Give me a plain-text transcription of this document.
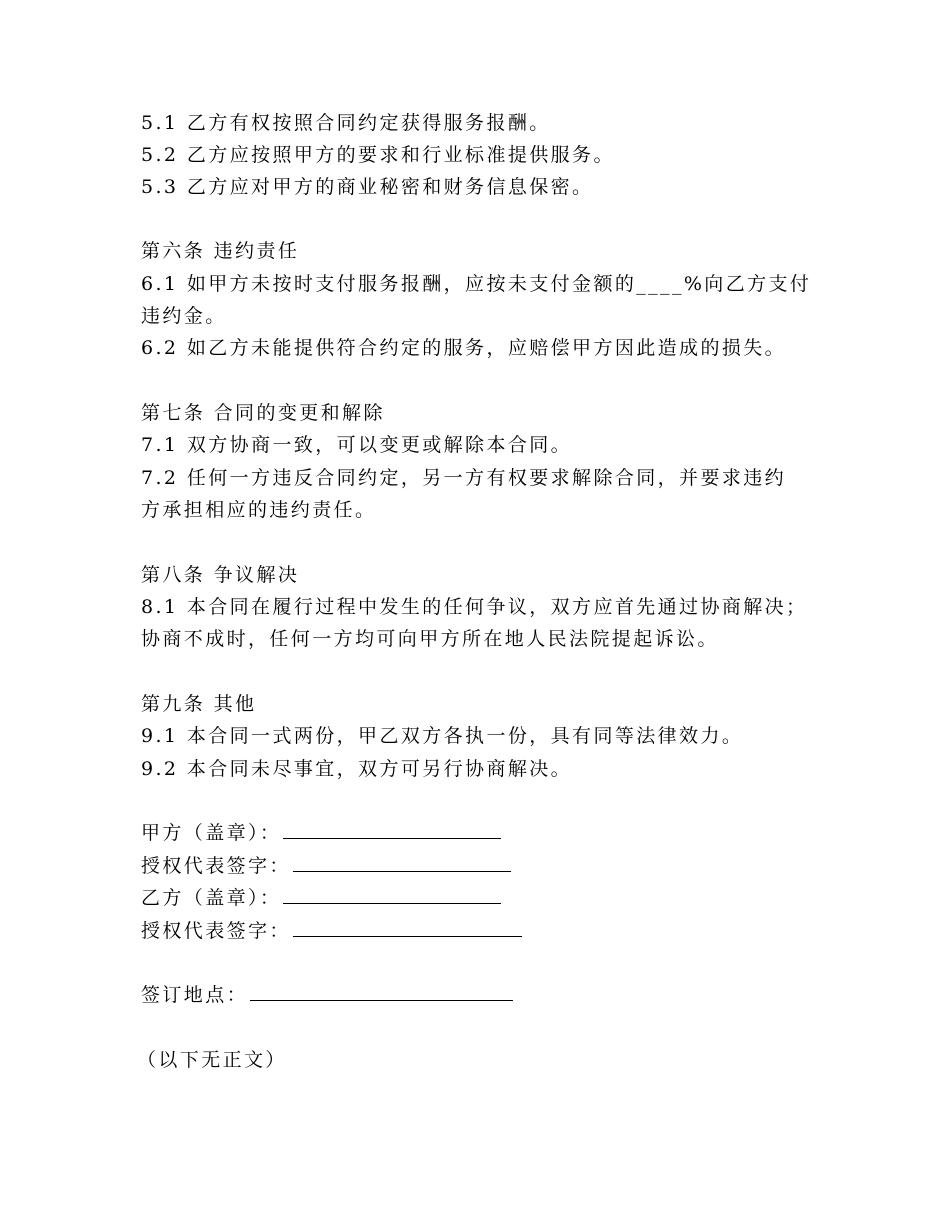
5.1 乙方有权按照合同约定获得服务报酬。
5.2 乙方应按照甲方的要求和行业标准提供服务。
5.3 乙方应对甲方的商业秘密和财务信息保密。
第六条 违约责任
6.1 如甲方未按时支付服务报酬，应按未支付金额的____%向乙方支付
违约金。
6.2 如乙方未能提供符合约定的服务，应赔偿甲方因此造成的损失。
第七条 合同的变更和解除
7.1 双方协商一致，可以变更或解除本合同。
7.2 任何一方违反合同约定，另一方有权要求解除合同，并要求违约
方承担相应的违约责任。
第八条 争议解决
8.1 本合同在履行过程中发生的任何争议，双方应首先通过协商解决；
协商不成时，任何一方均可向甲方所在地人民法院提起诉讼。
第九条 其他
9.1 本合同一式两份，甲乙双方各执一份，具有同等法律效力。
9.2 本合同未尽事宜，双方可另行协商解决。
甲方（盖章）：
授权代表签字：
乙方（盖章）：
授权代表签字：
签订地点：
（以下无正文）
